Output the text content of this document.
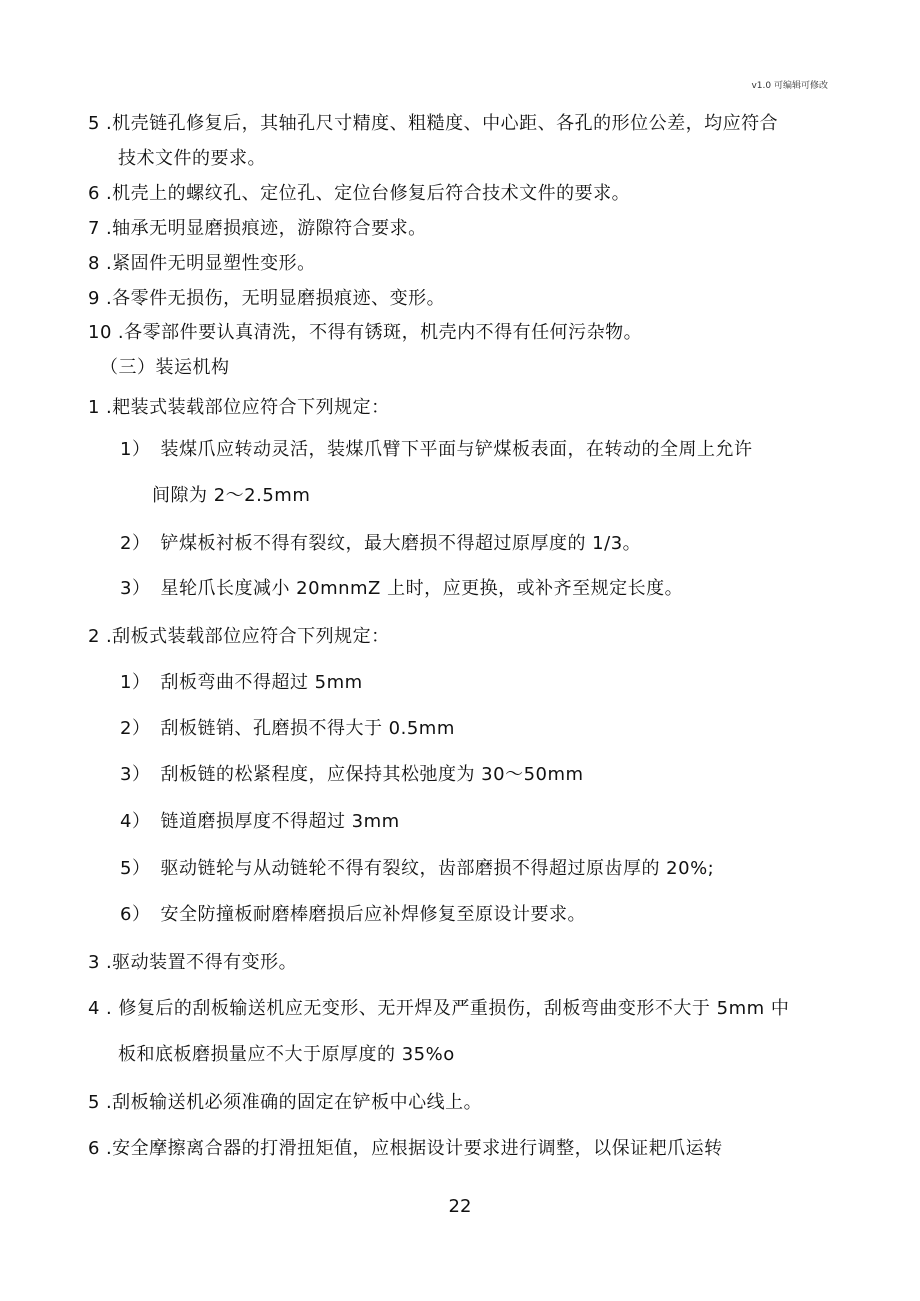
v1.0 可编辑可修改
5 .机壳链孔修复后，其轴孔尺寸精度、粗糙度、中心距、各孔的形位公差，均应符合
技术文件的要求。
6 .机壳上的螺纹孔、定位孔、定位台修复后符合技术文件的要求。
7 .轴承无明显磨损痕迹，游隙符合要求。
8 .紧固件无明显塑性变形。
9 .各零件无损伤，无明显磨损痕迹、变形。
10 .各零部件要认真清洗，不得有锈斑，机壳内不得有任何污杂物。
（三）装运机构
1 .耙装式装载部位应符合下列规定：
1） 装煤爪应转动灵活，装煤爪臂下平面与铲煤板表面，在转动的全周上允许
间隙为 2～2.5mm
2） 铲煤板衬板不得有裂纹，最大磨损不得超过原厚度的 1/3。
3） 星轮爪长度减小 20mnmZ 上时，应更换，或补齐至规定长度。
2 .刮板式装载部位应符合下列规定：
1） 刮板弯曲不得超过 5mm
2） 刮板链销、孔磨损不得大于 0.5mm
3） 刮板链的松紧程度，应保持其松弛度为 30～50mm
4） 链道磨损厚度不得超过 3mm
5） 驱动链轮与从动链轮不得有裂纹，齿部磨损不得超过原齿厚的 20%;
6） 安全防撞板耐磨棒磨损后应补焊修复至原设计要求。
3 .驱动装置不得有变形。
4 . 修复后的刮板输送机应无变形、无开焊及严重损伤，刮板弯曲变形不大于 5mm 中
板和底板磨损量应不大于原厚度的 35%o
5 .刮板输送机必须准确的固定在铲板中心线上。
6 .安全摩擦离合器的打滑扭矩值，应根据设计要求进行调整，以保证耙爪运转
22
